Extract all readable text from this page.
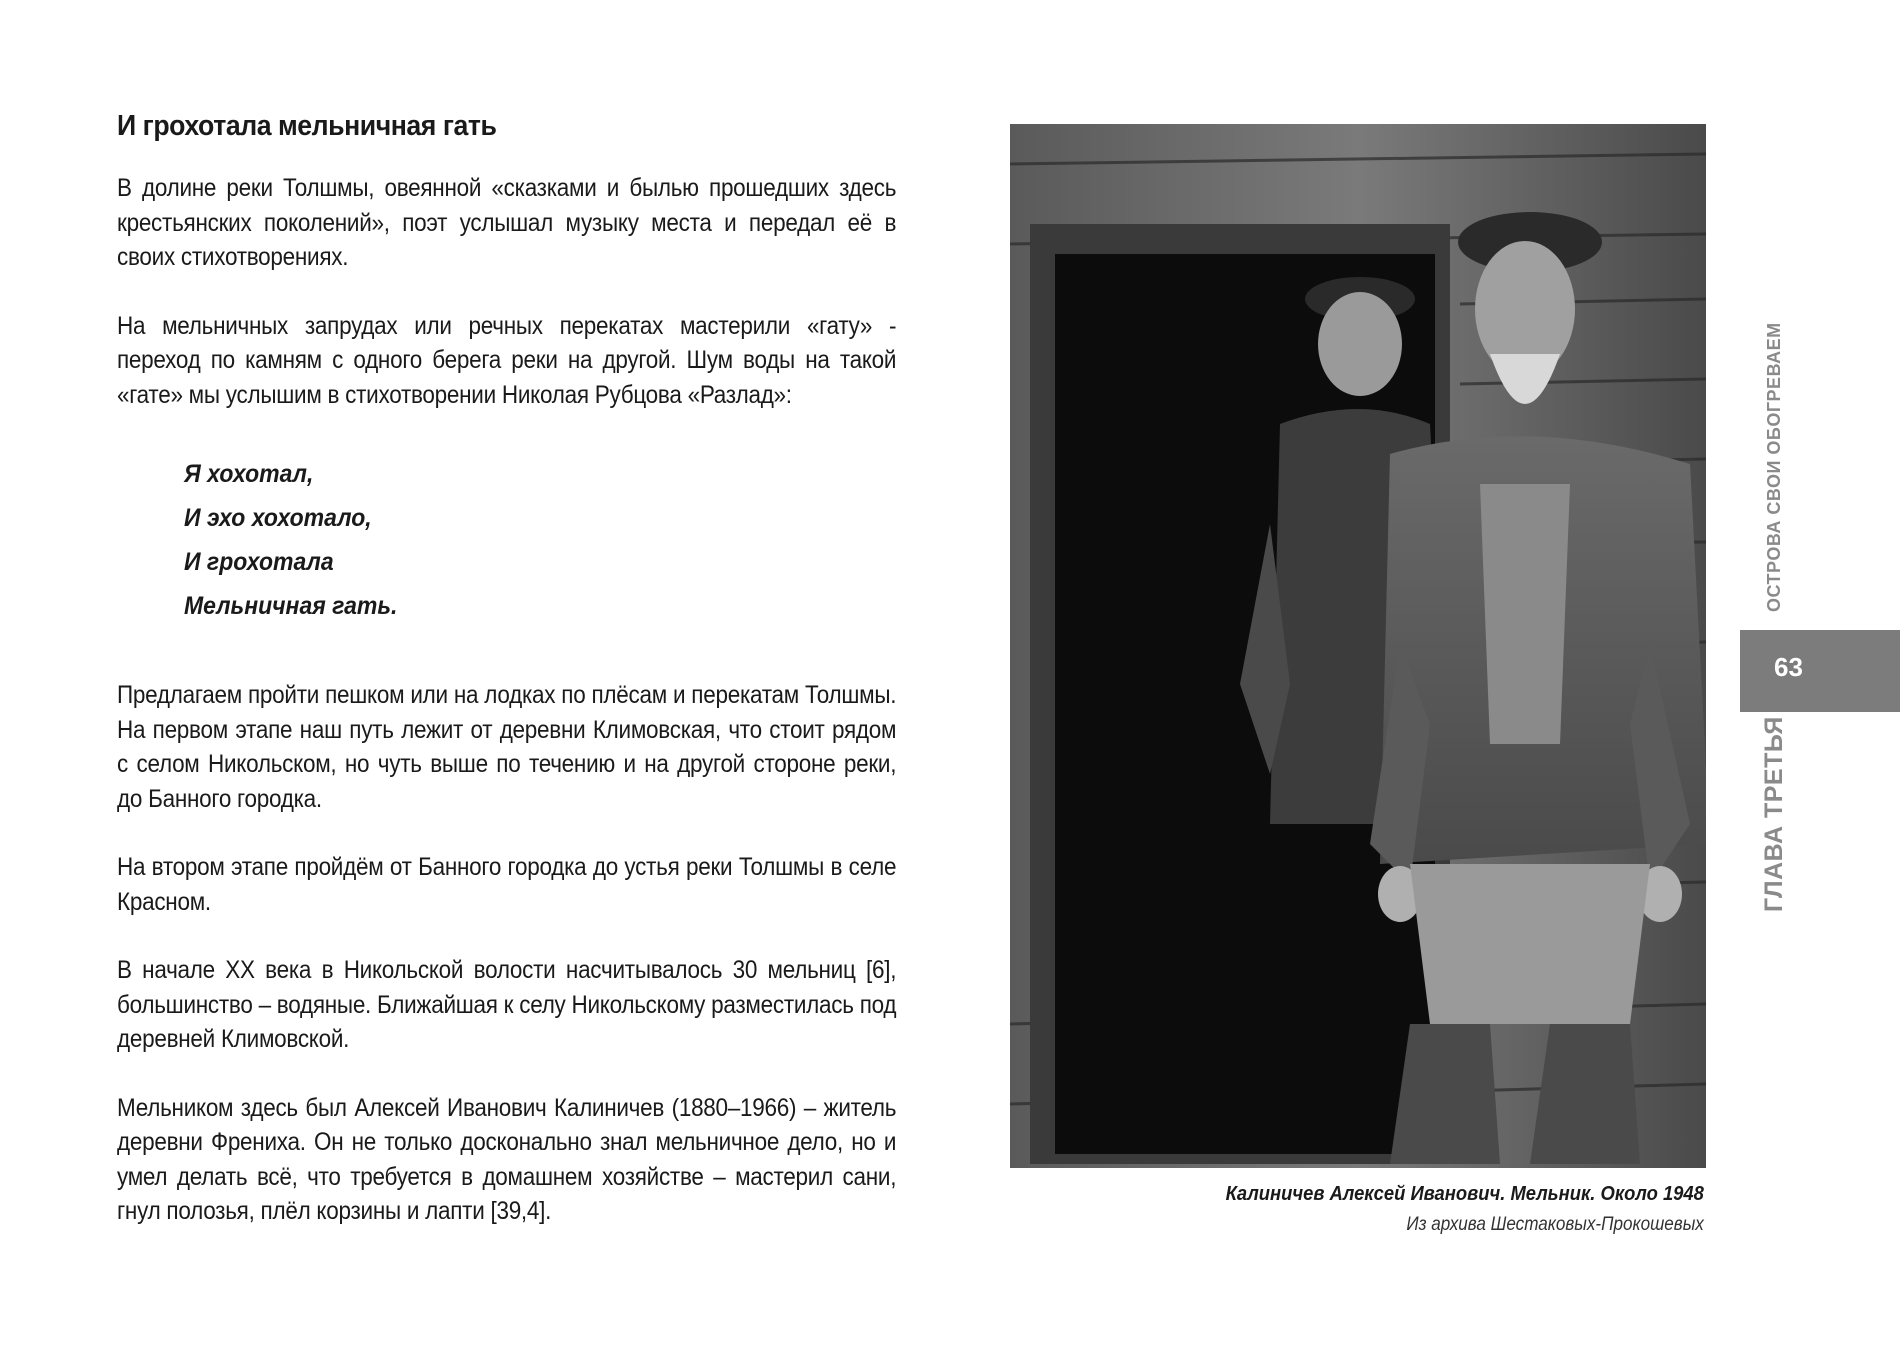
И грохотала мельничная гать

В долине реки Толшмы, овеянной «сказками и былью прошедших здесь крестьянских поколений», поэт услышал музыку места и передал её в своих стихотворениях.

На мельничных запрудах или речных перекатах мастерили «гату» - переход по камням с одного берега реки на другой. Шум воды на такой «гате» мы услышим в стихотворении Николая Рубцова «Разлад»:

Я хохотал,
И эхо хохотало,
И грохотала
Мельничная гать.

Предлагаем пройти пешком или на лодках по плёсам и перекатам Толшмы. На первом этапе наш путь лежит от деревни Климовская, что стоит рядом с селом Никольском, но чуть выше по течению и на другой стороне реки, до Банного городка.

На втором этапе пройдём от Банного городка до устья реки Толшмы в селе Красном.

В начале ХХ века в Никольской волости насчитывалось 30 мельниц [6], большинство – водяные. Ближайшая к селу Никольскому разместилась под деревней Климовской.

Мельником здесь был Алексей Иванович Калиничев (1880–1966) – житель деревни Френиха. Он не только досконально знал мельничное дело, но и умел делать всё, что требуется в домашнем хозяйстве – мастерил сани, гнул полозья, плёл корзины и лапти [39,4].

Калиничев Алексей Иванович. Мельник. Около 1948
Из архива Шестаковых-Прокошевых
ОСТРОВА СВОИ ОБОГРЕВАЕМ
63
ГЛАВА ТРЕТЬЯ
